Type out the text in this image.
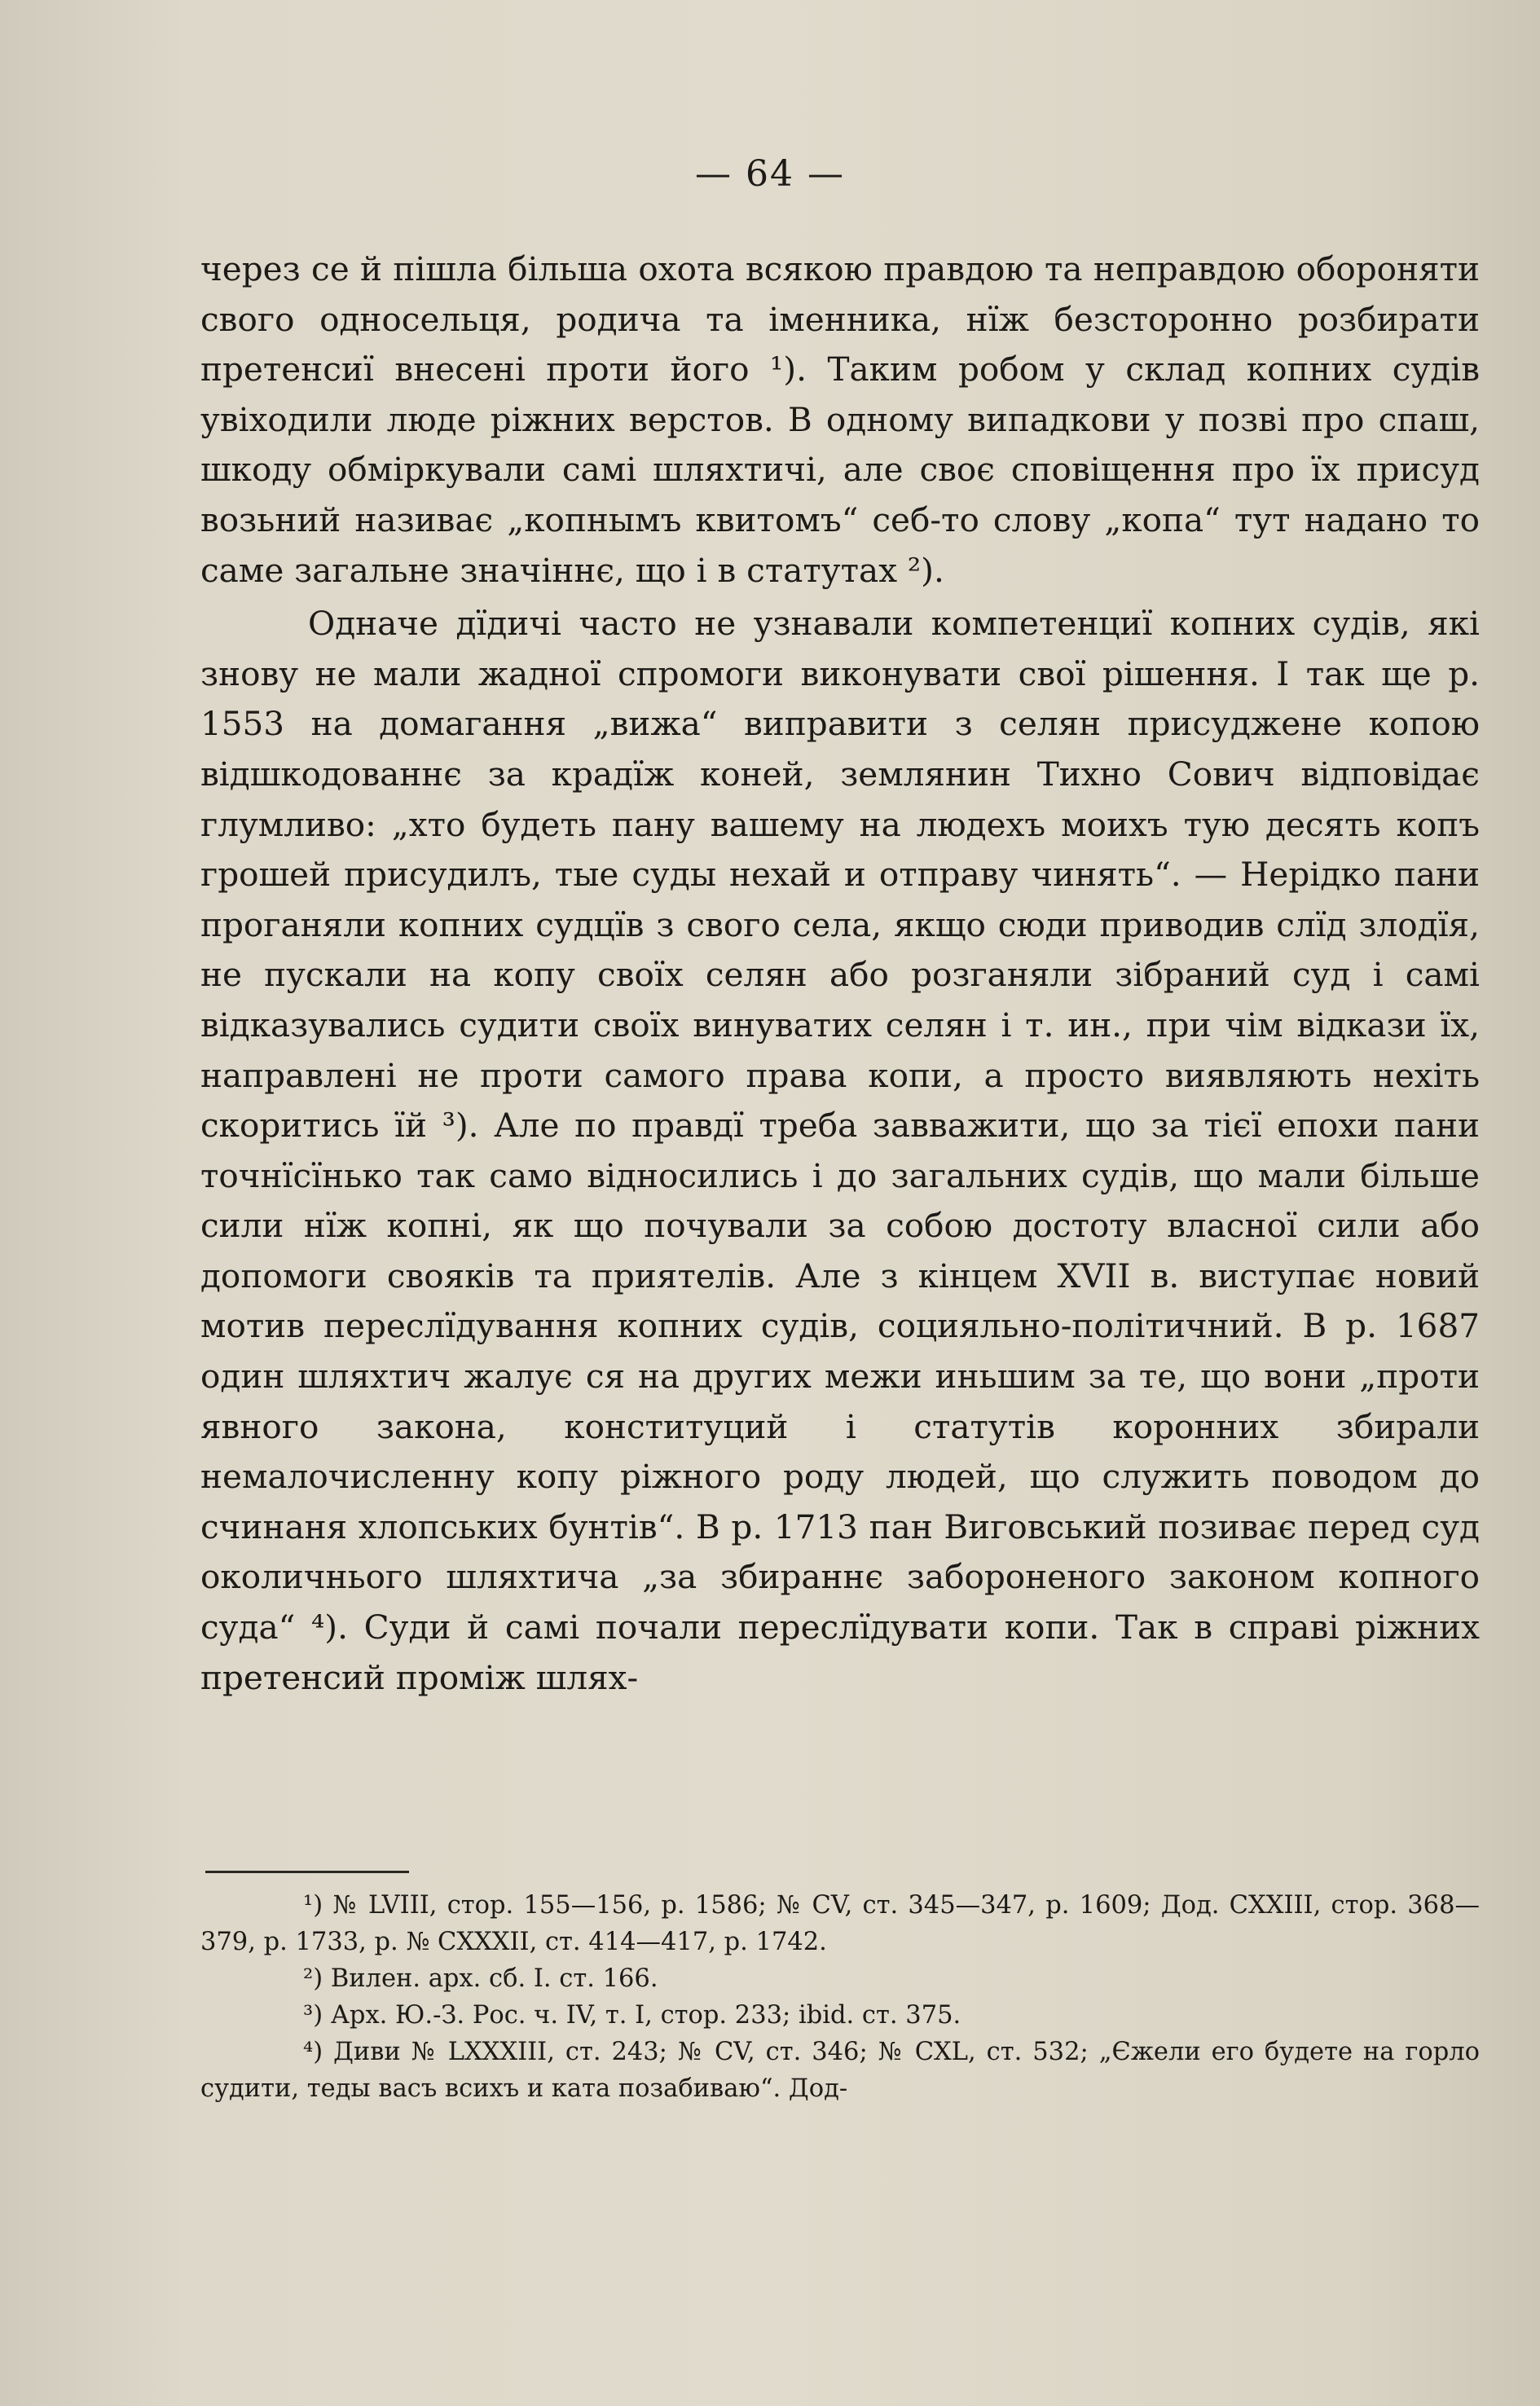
— 64 —

через се й пішла більша охота всякою правдою та неправдою обороняти свого односельця, родича та іменника, нїж безсторонно розбирати претенсиї внесені проти його ¹). Таким робом у склад копних судів увіходили люде ріжних верстов. В одному випадкови у позві про спаш, шкоду обміркували самі шляхтичі, але своє сповіщення про їх присуд возьний називає „копнымъ квитомъ“ себ-то слову „копа“ тут надано то саме загальне значіннє, що і в статутах ²).

Одначе дїдичі часто не узнавали компетенциї копних судів, які знову не мали жадної спромоги виконувати свої рішення. I так ще р. 1553 на домагання „вижа“ виправити з селян присуджене копою відшкодованнє за крадїж коней, землянин Тихно Сович відповідає глумливо: „хто будеть пану вашему на людехъ моихъ тую десять копъ грошей присудилъ, тые суды нехай и отправу чинять“. — Нерідко пани проганяли копних судцїв з свого села, якщо сюди приводив слїд злодїя, не пускали на копу своїх селян або розганяли зібраний суд і самі відказувались судити своїх винуватих селян і т. ин., при чім відкази їх, направлені не проти самого права копи, а просто виявляють нехіть скоритись їй ³). Але по правдї треба завважити, що за тієї епохи пани точнїсїнько так само відносились і до загальних судів, що мали більше сили нїж копні, як що почували за собою достоту власної сили або допомоги свояків та приятелів. Але з кінцем XVII в. виступає новий мотив переслїдування копних судів, социяльно-політичний. В р. 1687 один шляхтич жалує ся на других межи иньшим за те, що вони „проти явного закона, конституций і статутів коронних збирали немалочисленну копу ріжного роду людей, що служить поводом до счинаня хлопських бунтів“. В р. 1713 пан Виговський позиває перед суд околичнього шляхтича „за збираннє забороненого законом копного суда“ ⁴). Суди й самі почали переслїдувати копи. Так в справі ріжних претенсий проміж шлях-

¹) № LVIII, стор. 155—156, р. 1586; № CV, ст. 345—347, р. 1609; Дод. CXXIII, стор. 368—379, р. 1733, р. № CXXXII, ст. 414—417, р. 1742.

²) Вилен. арх. сб. I. ст. 166.

³) Арх. Ю.-З. Рос. ч. IV, т. I, стор. 233; ibid. ст. 375.

⁴) Диви № LXXXIII, ст. 243; № CV, ст. 346; № CXL, ст. 532; „Єжели его будете на горло судити, теды васъ всихъ и ката позабиваю“. Дод-
